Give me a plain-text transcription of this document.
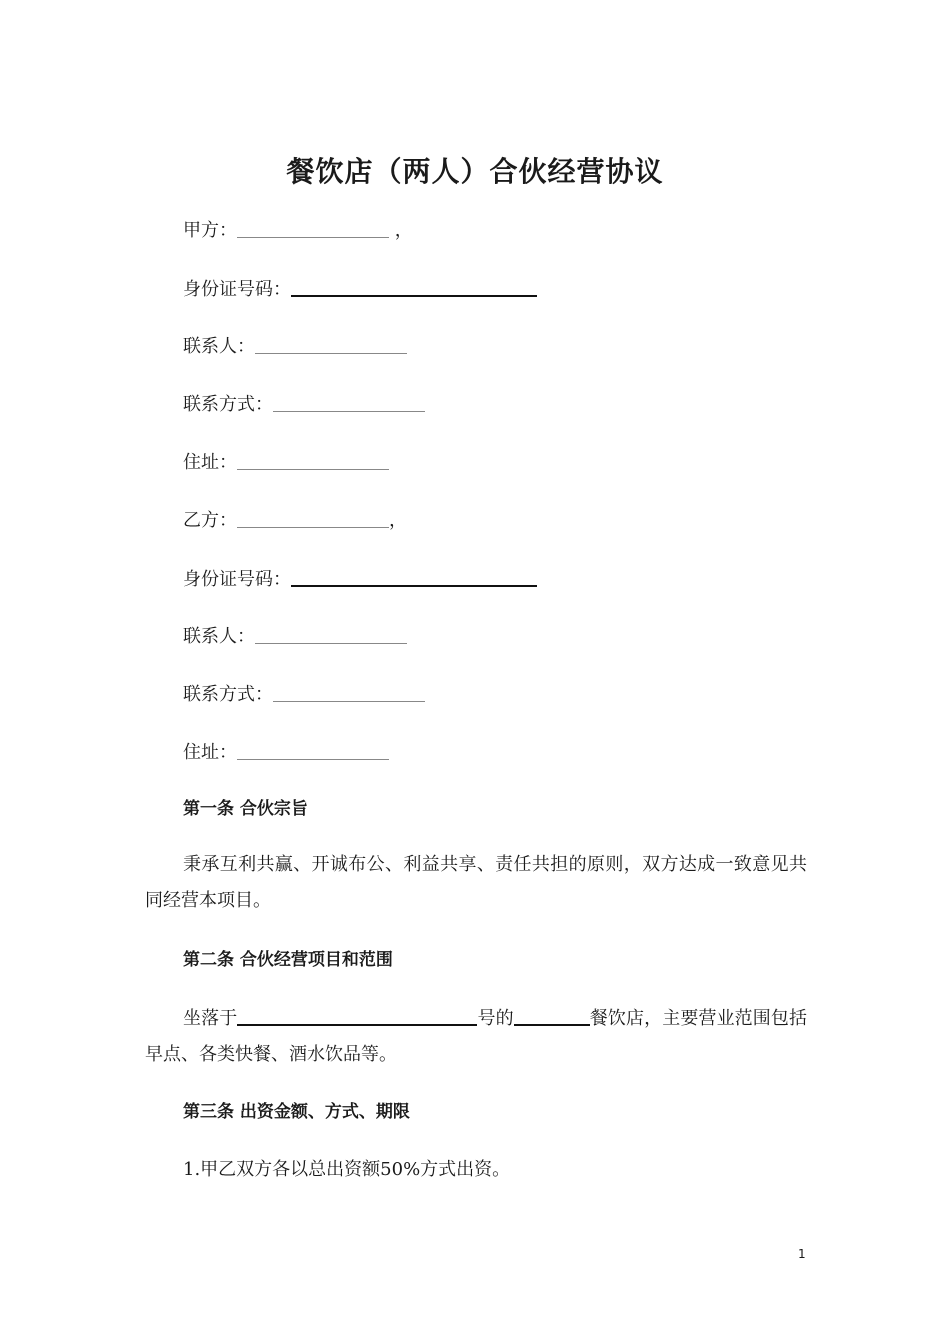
餐饮店（两人）合伙经营协议
甲方：	，
身份证号码：
联系人：
联系方式：
住址：
乙方：	，
身份证号码：
联系人：
联系方式：
住址：
第一条 合伙宗旨
秉承互利共赢、开诚布公、利益共享、责任共担的原则，双方达成一致意见共同经营本项目。
第二条 合伙经营项目和范围
坐落于	号的	餐饮店，主要营业范围包括早点、各类快餐、酒水饮品等。
第三条 出资金额、方式、期限
1.甲乙双方各以总出资额50%方式出资。
1
